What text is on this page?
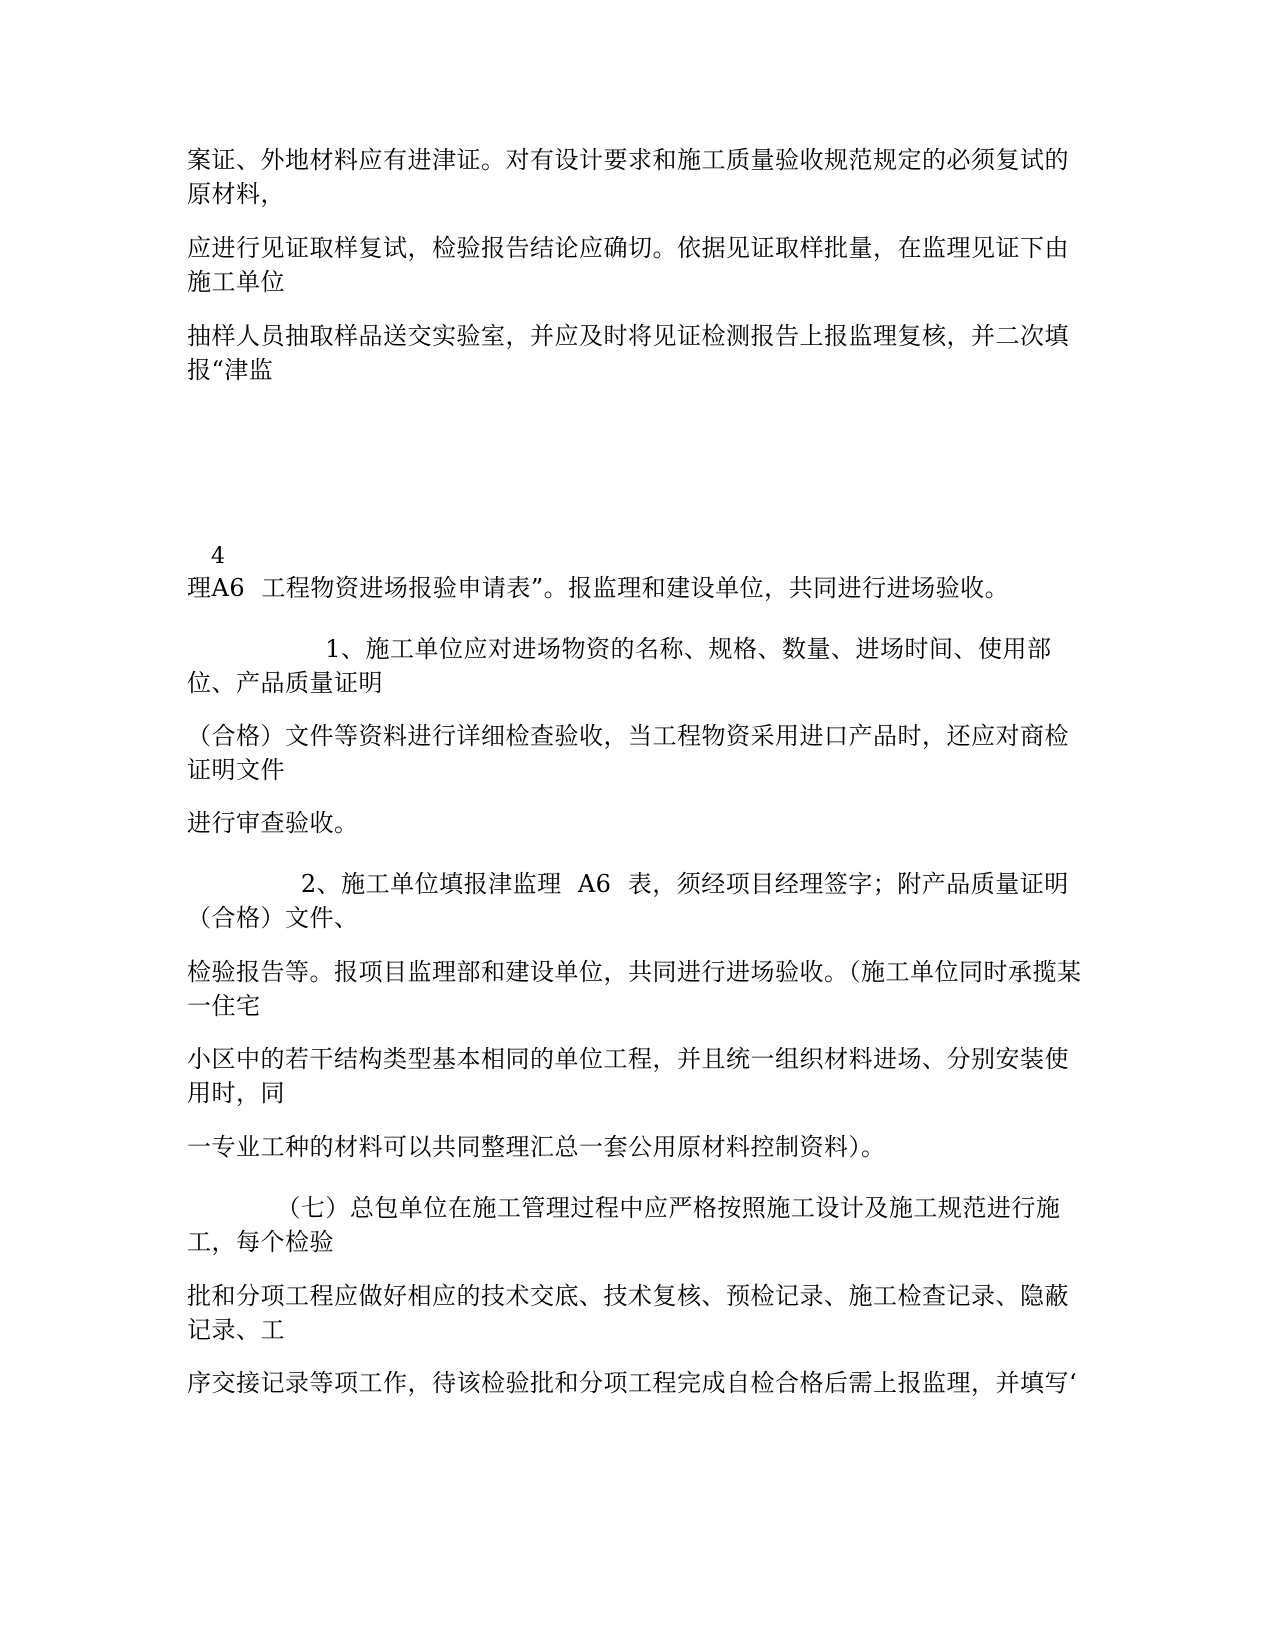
案证、外地材料应有进津证。对有设计要求和施工质量验收规范规定的必须复试的原材料，

应进行见证取样复试，检验报告结论应确切。依据见证取样批量，在监理见证下由施工单位

抽样人员抽取样品送交实验室，并应及时将见证检测报告上报监理复核，并二次填报“津监

4

理A6  工程物资进场报验申请表”。报监理和建设单位，共同进行进场验收。

1、施工单位应对进场物资的名称、规格、数量、进场时间、使用部位、产品质量证明

（合格）文件等资料进行详细检查验收，当工程物资采用进口产品时，还应对商检证明文件

进行审查验收。

2、施工单位填报津监理  A6  表，须经项目经理签字；附产品质量证明（合格）文件、

检验报告等。报项目监理部和建设单位，共同进行进场验收。（施工单位同时承揽某一住宅

小区中的若干结构类型基本相同的单位工程，并且统一组织材料进场、分别安装使用时，同

一专业工种的材料可以共同整理汇总一套公用原材料控制资料）。

（七）总包单位在施工管理过程中应严格按照施工设计及施工规范进行施工，每个检验

批和分项工程应做好相应的技术交底、技术复核、预检记录、施工检查记录、隐蔽记录、工

序交接记录等项工作，待该检验批和分项工程完成自检合格后需上报监理，并填写‘
